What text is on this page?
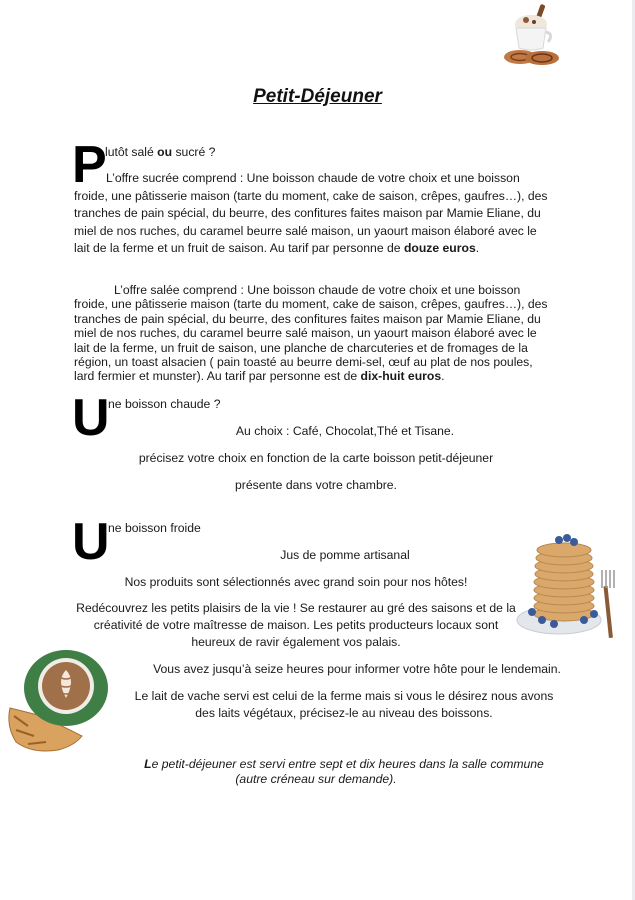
Petit-Déjeuner
P
lutôt salé ou sucré ?
L’offre sucrée comprend : Une boisson chaude de votre choix et une boisson froide, une pâtisserie maison (tarte du moment, cake de saison, crêpes, gaufres…), des tranches de pain spécial, du beurre, des confitures faites maison par Mamie Eliane, du miel de nos ruches, du caramel beurre salé maison, un yaourt maison élaboré avec le lait de la ferme et un fruit de saison. Au tarif par personne de douze euros.
L’offre salée comprend : Une boisson chaude de votre choix et une boisson froide, une pâtisserie maison (tarte du moment, cake de saison, crêpes, gaufres…), des tranches de pain spécial, du beurre, des confitures faites maison par Mamie Eliane, du miel de nos ruches, du caramel beurre salé maison, un yaourt maison élaboré avec le lait de la ferme, un fruit de saison, une planche de charcuteries et de fromages de la région, un toast alsacien ( pain toasté au beurre demi-sel, œuf au plat de nos poules, lard fermier et munster). Au tarif par personne est de dix-huit euros.
U
ne boisson chaude ?
Au choix : Café, Chocolat,Thé et Tisane.
précisez votre choix en fonction de la carte boisson petit-déjeuner
présente dans votre chambre.
U
ne boisson froide
Jus de pomme artisanal
Nos produits sont sélectionnés avec grand soin pour nos hôtes!
Redécouvrez les petits plaisirs de la vie ! Se restaurer au gré des saisons et de la créativité de votre maîtresse de maison. Les petits producteurs locaux sont heureux de ravir également vos palais.
Vous avez jusqu’à seize heures pour informer votre hôte pour le lendemain.
Le lait de vache servi est celui de la ferme mais si vous le désirez nous avons des laits végétaux, précisez-le au niveau des boissons.
Le petit-déjeuner est servi entre sept et dix heures dans la salle commune
(autre créneau sur demande).
